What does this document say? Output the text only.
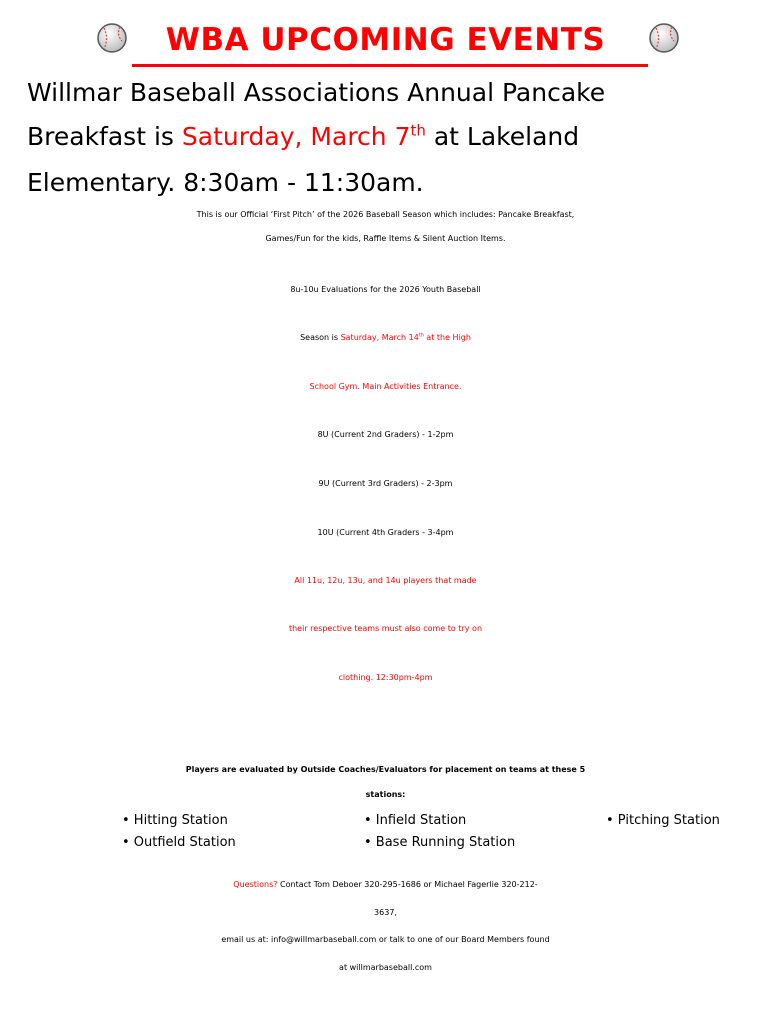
WBA UPCOMING EVENTS
Willmar Baseball Associations Annual Pancake
Breakfast is Saturday, March 7th at Lakeland
Elementary. 8:30am - 11:30am.
This is our Official ‘First Pitch’ of the 2026 Baseball Season which includes: Pancake Breakfast,
Games/Fun for the kids, Raffle Items & Silent Auction Items.
8u-10u Evaluations for the 2026 Youth Baseball
Season is Saturday, March 14th at the High
School Gym. Main Activities Entrance.
8U (Current 2nd Graders) - 1-2pm
9U (Current 3rd Graders) - 2-3pm
10U (Current 4th Graders - 3-4pm
All 11u, 12u, 13u, and 14u players that made
their respective teams must also come to try on
clothing. 12:30pm-4pm
Players are evaluated by Outside Coaches/Evaluators for placement on teams at these 5
stations:
• Hitting Station	• Infield Station	• Pitching Station
• Outfield Station	• Base Running Station
Questions? Contact Tom Deboer 320-295-1686 or Michael Fagerlie 320-212-
3637,
email us at: info@willmarbaseball.com or talk to one of our Board Members found
at willmarbaseball.com
